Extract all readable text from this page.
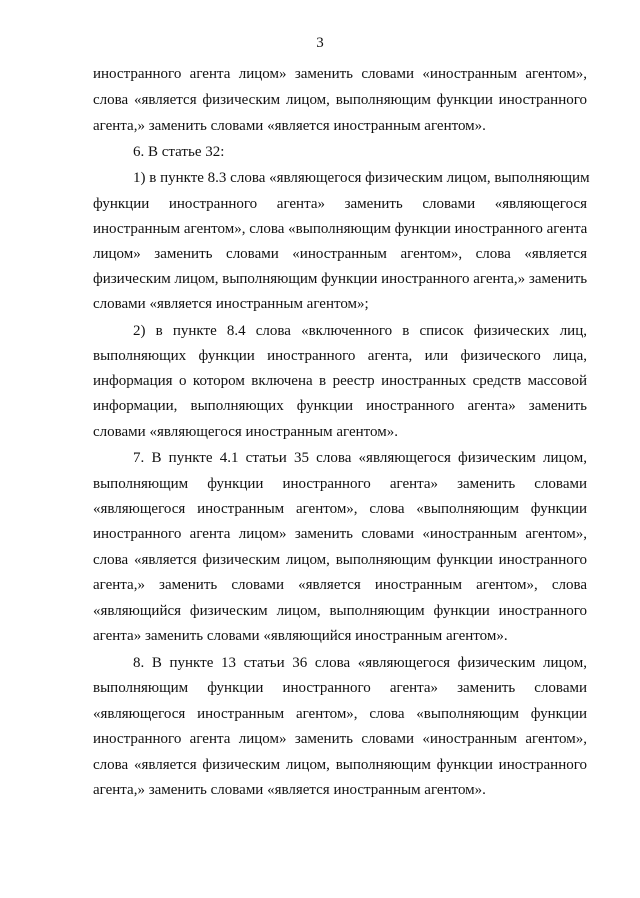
3
иностранного агента лицом» заменить словами «иностранным агентом»,
слова «является физическим лицом, выполняющим функции иностранного
агента,» заменить словами «является иностранным агентом».
6. В статье 32:
1) в пункте 8.3 слова «являющегося физическим лицом, выполняющим
функции иностранного агента» заменить словами «являющегося
иностранным агентом», слова «выполняющим функции иностранного агента
лицом» заменить словами «иностранным агентом», слова «является
физическим лицом, выполняющим функции иностранного агента,» заменить
словами «является иностранным агентом»;
2) в пункте 8.4 слова «включенного в список физических лиц,
выполняющих функции иностранного агента, или физического лица,
информация о котором включена в реестр иностранных средств массовой
информации, выполняющих функции иностранного агента» заменить
словами «являющегося иностранным агентом».
7. В пункте 4.1 статьи 35 слова «являющегося физическим лицом,
выполняющим функции иностранного агента» заменить словами
«являющегося иностранным агентом», слова «выполняющим функции
иностранного агента лицом» заменить словами «иностранным агентом»,
слова «является физическим лицом, выполняющим функции иностранного
агента,» заменить словами «является иностранным агентом», слова
«являющийся физическим лицом, выполняющим функции иностранного
агента» заменить словами «являющийся иностранным агентом».
8. В пункте 13 статьи 36 слова «являющегося физическим лицом,
выполняющим функции иностранного агента» заменить словами
«являющегося иностранным агентом», слова «выполняющим функции
иностранного агента лицом» заменить словами «иностранным агентом»,
слова «является физическим лицом, выполняющим функции иностранного
агента,» заменить словами «является иностранным агентом».
